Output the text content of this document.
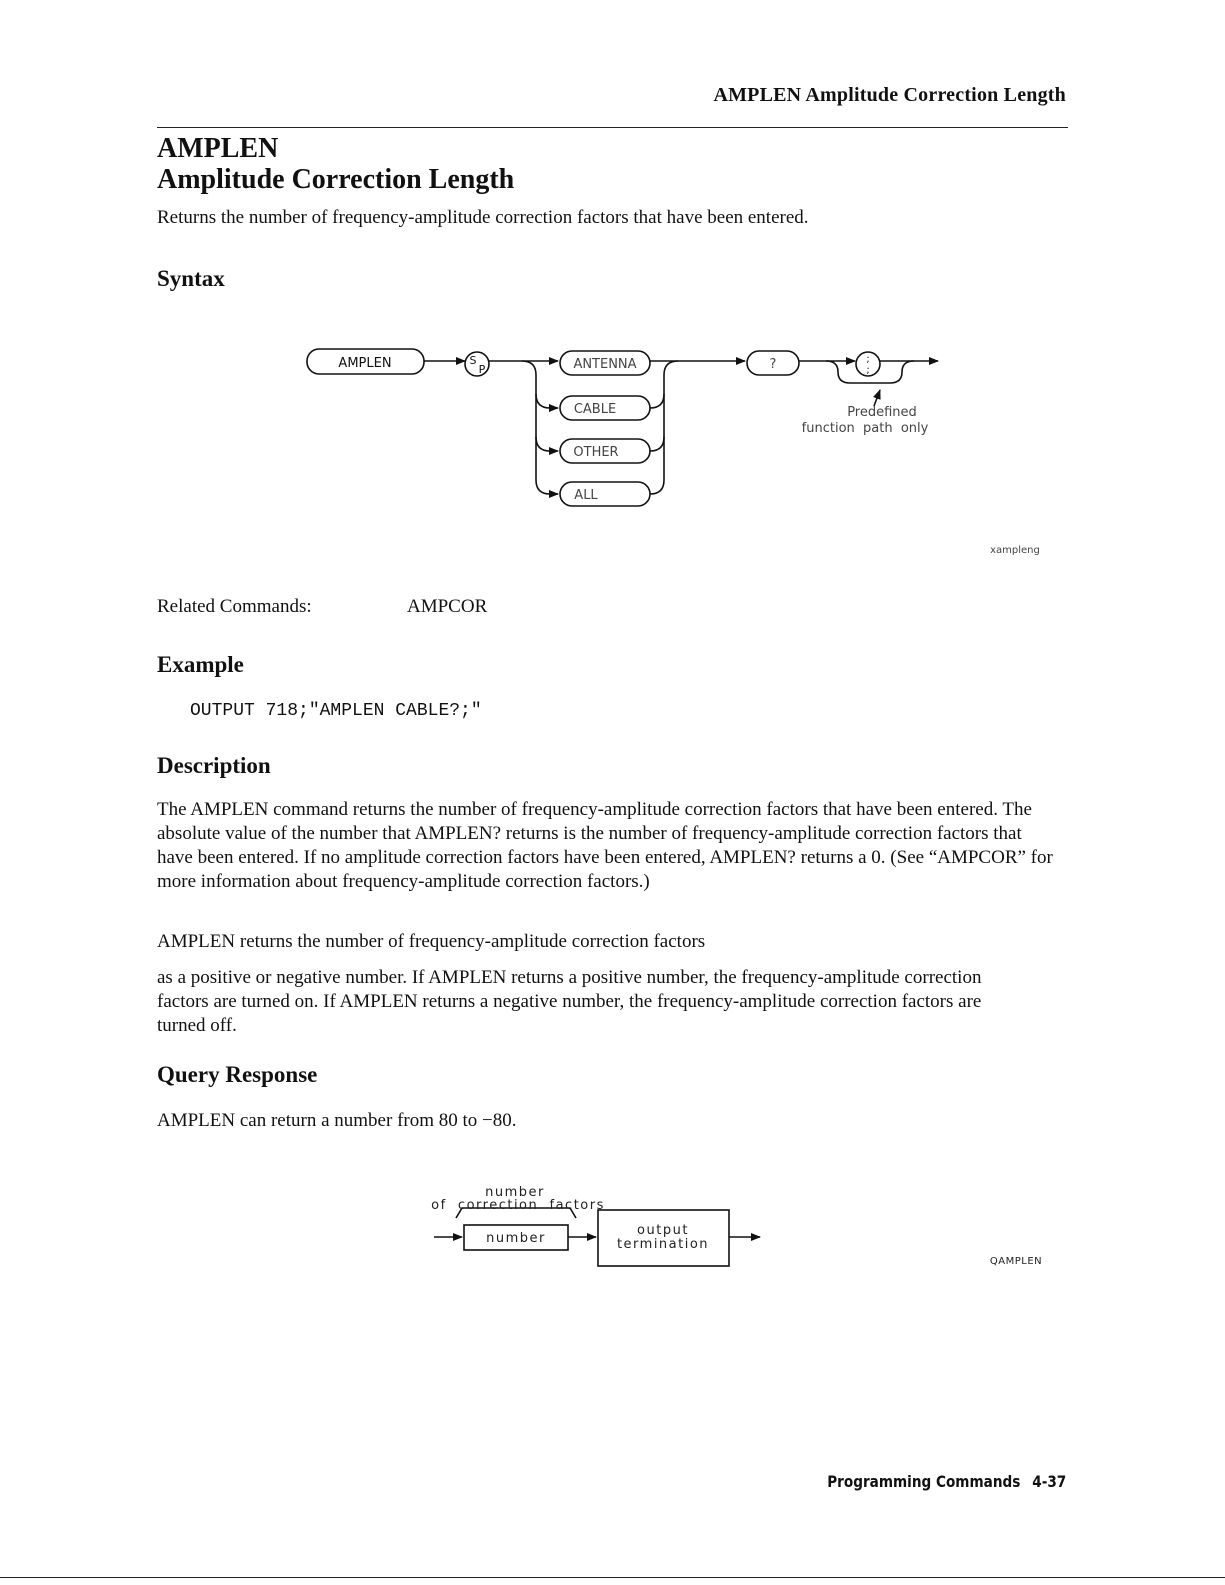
AMPLEN Amplitude Correction Length
AMPLEN
Amplitude Correction Length
Returns the number of frequency-amplitude correction factors that have been entered.
Syntax
AMPLEN	S
P	ANTENNA
CABLE
OTHER
ALL
?	;
;
Predefined
function  path  only
xampleng
Related Commands:	AMPCOR
Example
OUTPUT 718;"AMPLEN CABLE?;"
Description
The AMPLEN command returns the number of frequency-amplitude correction factors that have been entered. The absolute value of the number that AMPLEN? returns is the number of frequency-amplitude correction factors that have been entered. If no amplitude correction factors have been entered, AMPLEN? returns a 0. (See “AMPCOR” for more information about frequency-amplitude correction factors.)
AMPLEN returns the number of frequency-amplitude correction factors
as a positive or negative number. If AMPLEN returns a positive number, the frequency-amplitude correction factors are turned on. If AMPLEN returns a negative number, the frequency-amplitude correction factors are turned off.
Query Response
AMPLEN can return a number from 80 to −80.
number
of  correction  factors
number
output
termination
QAMPLEN
Programming Commands 4-37
